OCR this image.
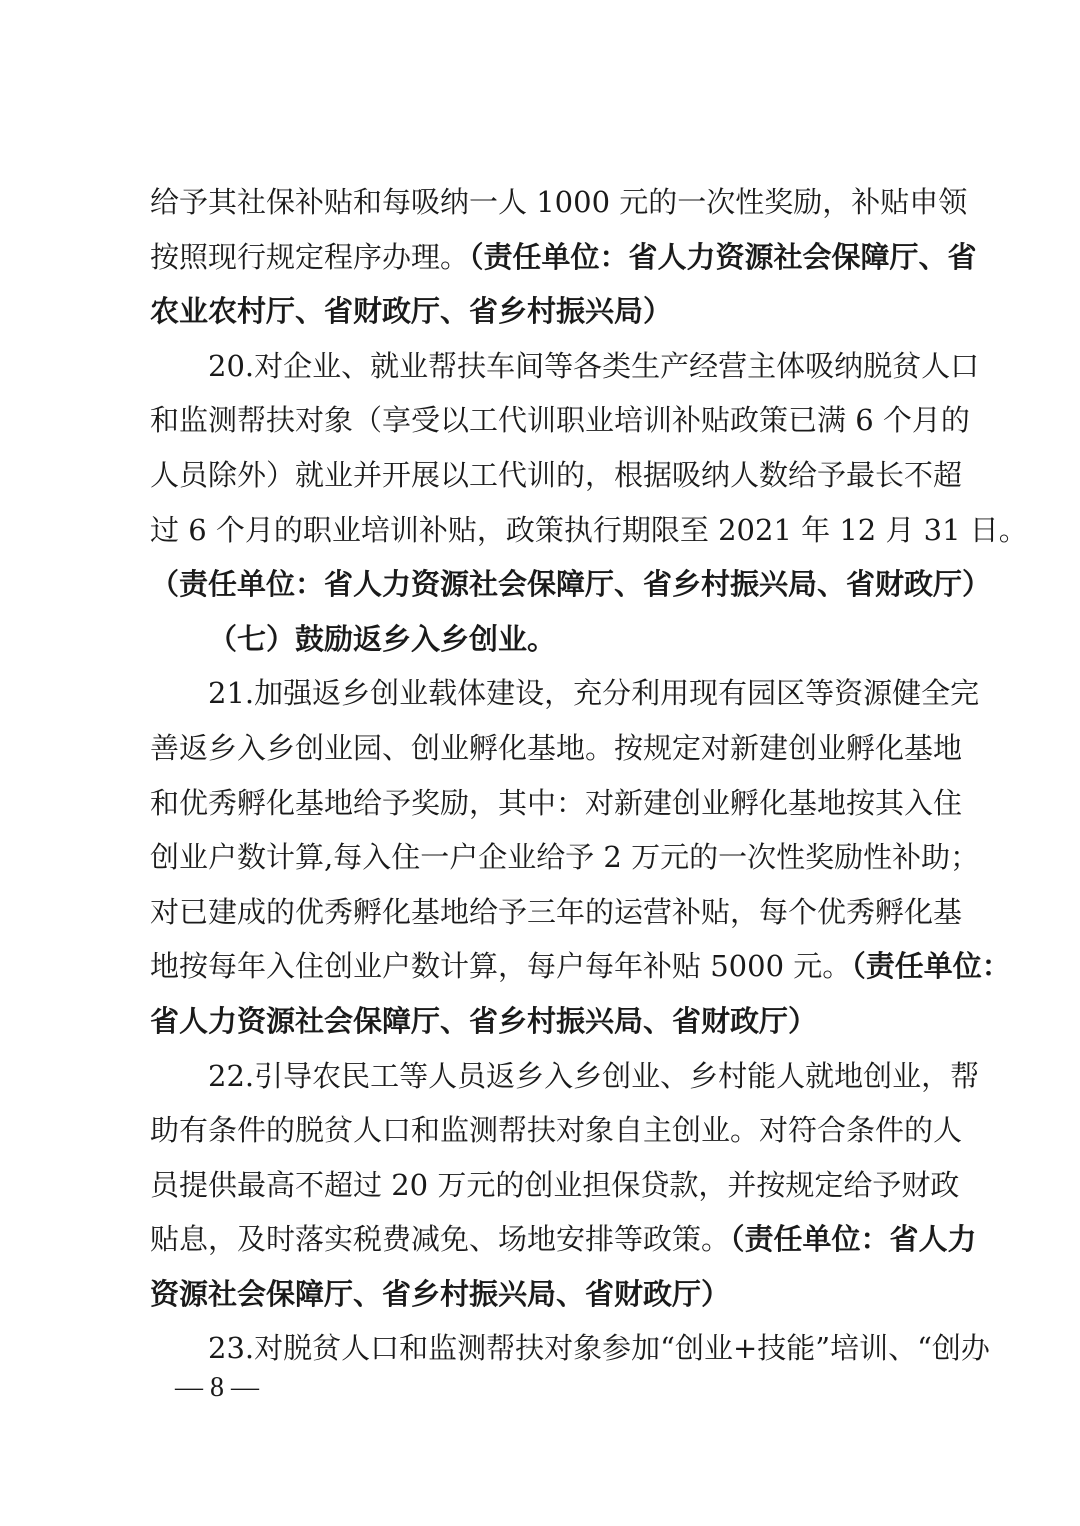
给予其社保补贴和每吸纳一人 1000 元的一次性奖励，补贴申领
按照现行规定程序办理。（责任单位：省人力资源社会保障厅、省
农业农村厅、省财政厅、省乡村振兴局）
20.对企业、就业帮扶车间等各类生产经营主体吸纳脱贫人口
和监测帮扶对象（享受以工代训职业培训补贴政策已满 6 个月的
人员除外）就业并开展以工代训的，根据吸纳人数给予最长不超
过 6 个月的职业培训补贴，政策执行期限至 2021 年 12 月 31 日。
（责任单位：省人力资源社会保障厅、省乡村振兴局、省财政厅）
（七）鼓励返乡入乡创业。
21.加强返乡创业载体建设，充分利用现有园区等资源健全完
善返乡入乡创业园、创业孵化基地。按规定对新建创业孵化基地
和优秀孵化基地给予奖励，其中：对新建创业孵化基地按其入住
创业户数计算,每入住一户企业给予 2 万元的一次性奖励性补助；
对已建成的优秀孵化基地给予三年的运营补贴，每个优秀孵化基
地按每年入住创业户数计算，每户每年补贴 5000 元。（责任单位：
省人力资源社会保障厅、省乡村振兴局、省财政厅）
22.引导农民工等人员返乡入乡创业、乡村能人就地创业，帮
助有条件的脱贫人口和监测帮扶对象自主创业。对符合条件的人
员提供最高不超过 20 万元的创业担保贷款，并按规定给予财政
贴息，及时落实税费减免、场地安排等政策。（责任单位：省人力
资源社会保障厅、省乡村振兴局、省财政厅）
23.对脱贫人口和监测帮扶对象参加“创业+技能”培训、“创办
— 8 —
